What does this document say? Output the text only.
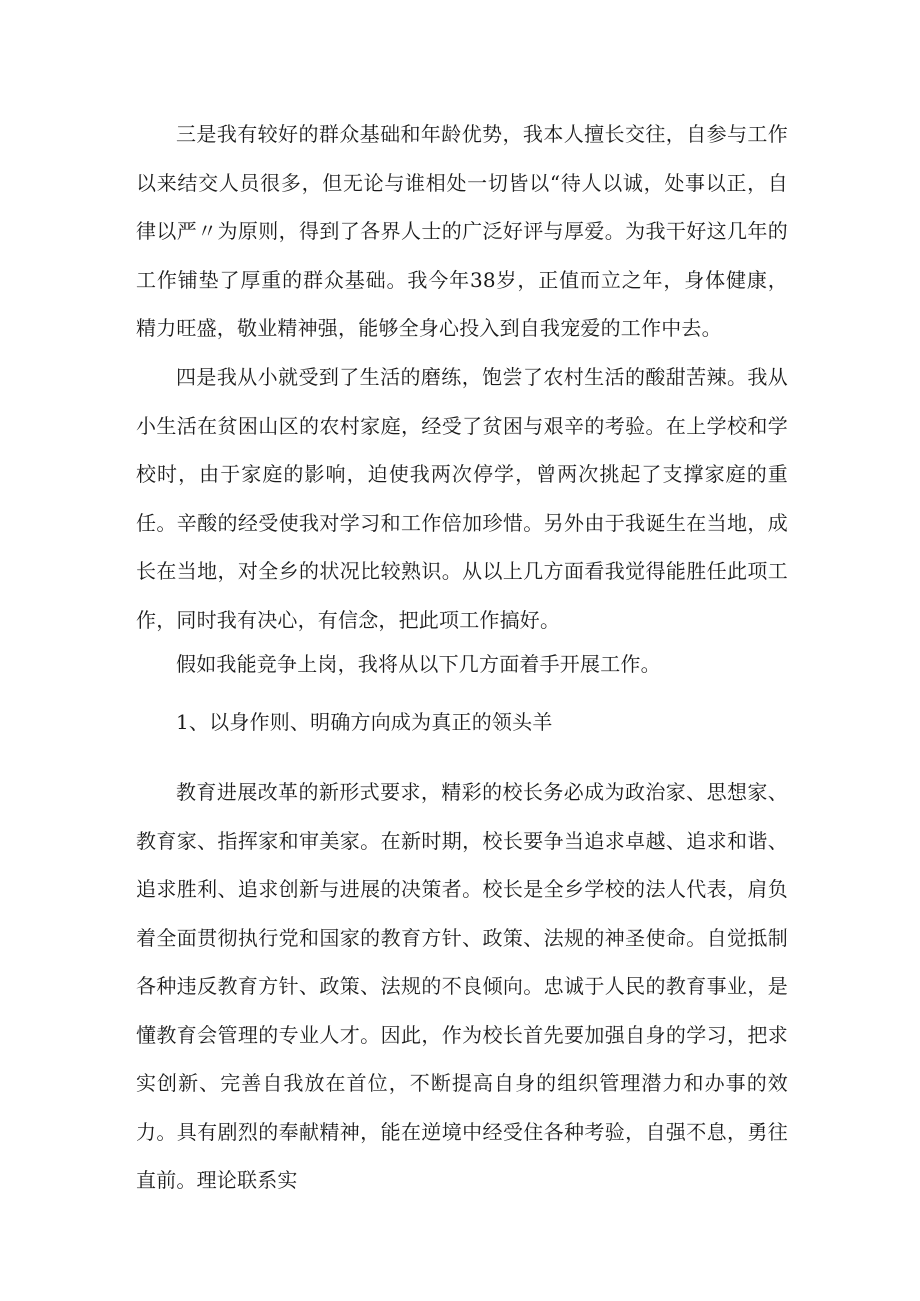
三是我有较好的群众基础和年龄优势，我本人擅长交往，自参与工作以来结交人员很多，但无论与谁相处一切皆以“待人以诚，处事以正，自律以严〃为原则，得到了各界人士的广泛好评与厚爱。为我干好这几年的工作铺垫了厚重的群众基础。我今年38岁，正值而立之年，身体健康，精力旺盛，敬业精神强，能够全身心投入到自我宠爱的工作中去。

四是我从小就受到了生活的磨练，饱尝了农村生活的酸甜苦辣。我从小生活在贫困山区的农村家庭，经受了贫困与艰辛的考验。在上学校和学校时，由于家庭的影响，迫使我两次停学，曾两次挑起了支撑家庭的重任。辛酸的经受使我对学习和工作倍加珍惜。另外由于我诞生在当地，成长在当地，对全乡的状况比较熟识。从以上几方面看我觉得能胜任此项工作，同时我有决心，有信念，把此项工作搞好。

假如我能竞争上岗，我将从以下几方面着手开展工作。

1、以身作则、明确方向成为真正的领头羊

教育进展改革的新形式要求，精彩的校长务必成为政治家、思想家、教育家、指挥家和审美家。在新时期，校长要争当追求卓越、追求和谐、追求胜利、追求创新与进展的决策者。校长是全乡学校的法人代表，肩负着全面贯彻执行党和国家的教育方针、政策、法规的神圣使命。自觉抵制各种违反教育方针、政策、法规的不良倾向。忠诚于人民的教育事业，是懂教育会管理的专业人才。因此，作为校长首先要加强自身的学习，把求实创新、完善自我放在首位，不断提高自身的组织管理潜力和办事的效力。具有剧烈的奉献精神，能在逆境中经受住各种考验，自强不息，勇往直前。理论联系实
